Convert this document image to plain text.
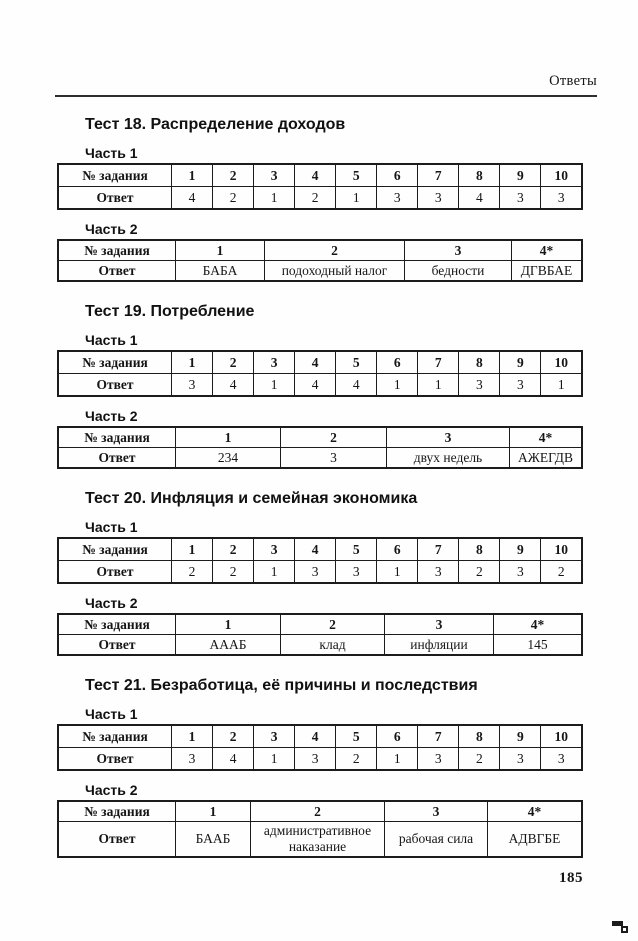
Ответы
Тест 18. Распределение доходов
Часть 1
№ задания	1	2	3	4	5	6	7	8	9	10
Ответ	4	2	1	2	1	3	3	4	3	3
Часть 2
№ задания	1	2	3	4*
Ответ	БАБА	подоходный налог	бедности	ДГВБАЕ
Тест 19. Потребление
Часть 1
№ задания	1	2	3	4	5	6	7	8	9	10
Ответ	3	4	1	4	4	1	1	3	3	1
Часть 2
№ задания	1	2	3	4*
Ответ	234	3	двух недель	АЖЕГДВ
Тест 20. Инфляция и семейная экономика
Часть 1
№ задания	1	2	3	4	5	6	7	8	9	10
Ответ	2	2	1	3	3	1	3	2	3	2
Часть 2
№ задания	1	2	3	4*
Ответ	АААБ	клад	инфляции	145
Тест 21. Безработица, её причины и последствия
Часть 1
№ задания	1	2	3	4	5	6	7	8	9	10
Ответ	3	4	1	3	2	1	3	2	3	3
Часть 2
№ задания	1	2	3	4*
Ответ	БААБ	административное наказание	рабочая сила	АДВГБЕ
185
